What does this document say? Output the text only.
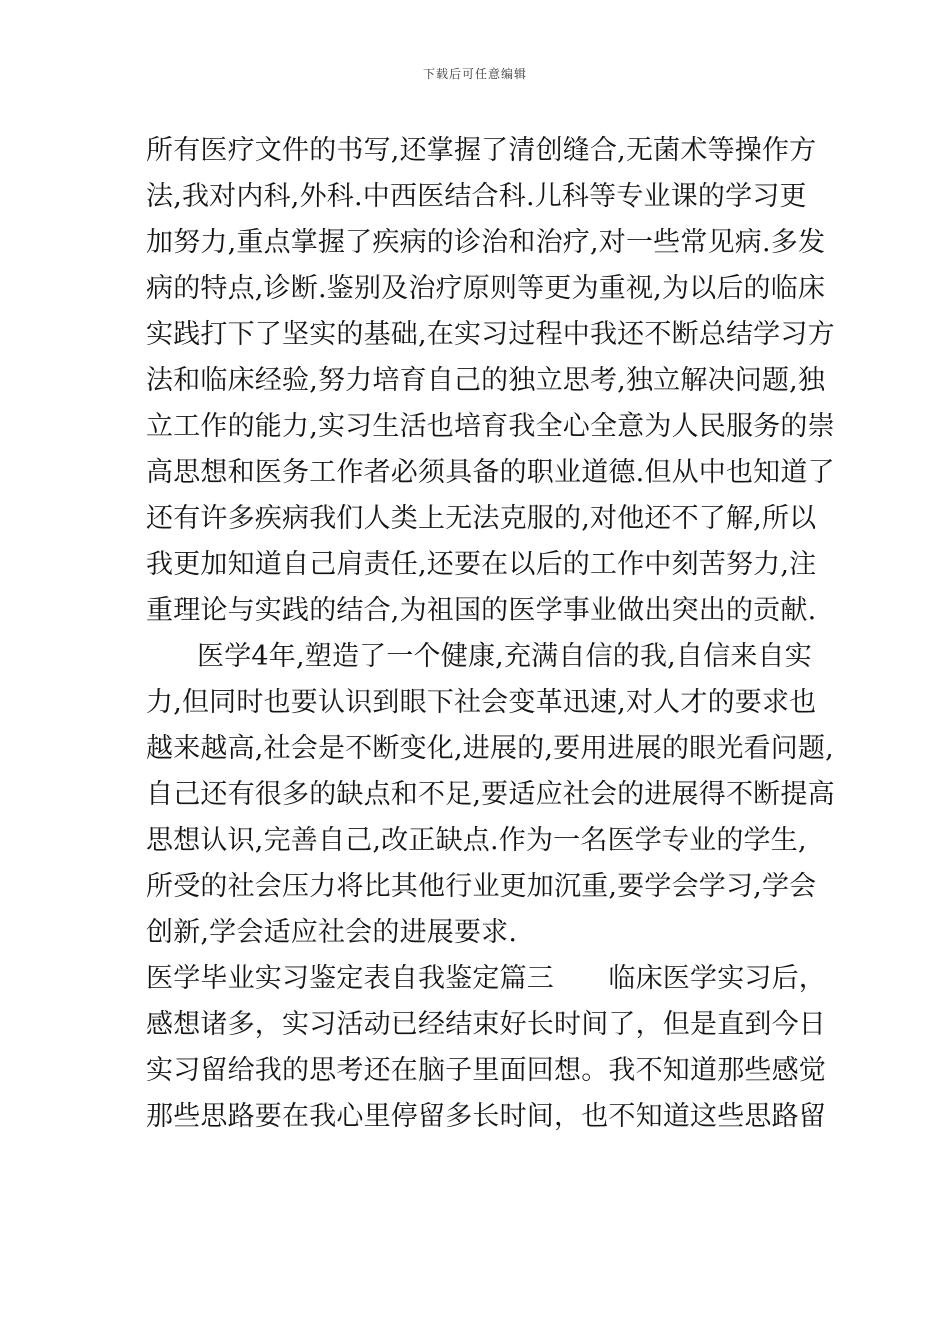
下载后可任意编辑
所有医疗文件的书写,还掌握了清创缝合,无菌术等操作方
法,我对内科,外科.中西医结合科.儿科等专业课的学习更
加努力,重点掌握了疾病的诊治和治疗,对一些常见病.多发
病的特点,诊断.鉴别及治疗原则等更为重视,为以后的临床
实践打下了坚实的基础,在实习过程中我还不断总结学习方
法和临床经验,努力培育自己的独立思考,独立解决问题,独
立工作的能力,实习生活也培育我全心全意为人民服务的崇
高思想和医务工作者必须具备的职业道德.但从中也知道了
还有许多疾病我们人类上无法克服的,对他还不了解,所以
我更加知道自己肩责任,还要在以后的工作中刻苦努力,注
重理论与实践的结合,为祖国的医学事业做出突出的贡献.
医学4年,塑造了一个健康,充满自信的我,自信来自实
力,但同时也要认识到眼下社会变革迅速,对人才的要求也
越来越高,社会是不断变化,进展的,要用进展的眼光看问题,
自己还有很多的缺点和不足,要适应社会的进展得不断提高
思想认识,完善自己,改正缺点.作为一名医学专业的学生,
所受的社会压力将比其他行业更加沉重,要学会学习,学会
创新,学会适应社会的进展要求.
医学毕业实习鉴定表自我鉴定篇三　　临床医学实习后，
感想诸多，实习活动已经结束好长时间了，但是直到今日
实习留给我的思考还在脑子里面回想。我不知道那些感觉
那些思路要在我心里停留多长时间，也不知道这些思路留
